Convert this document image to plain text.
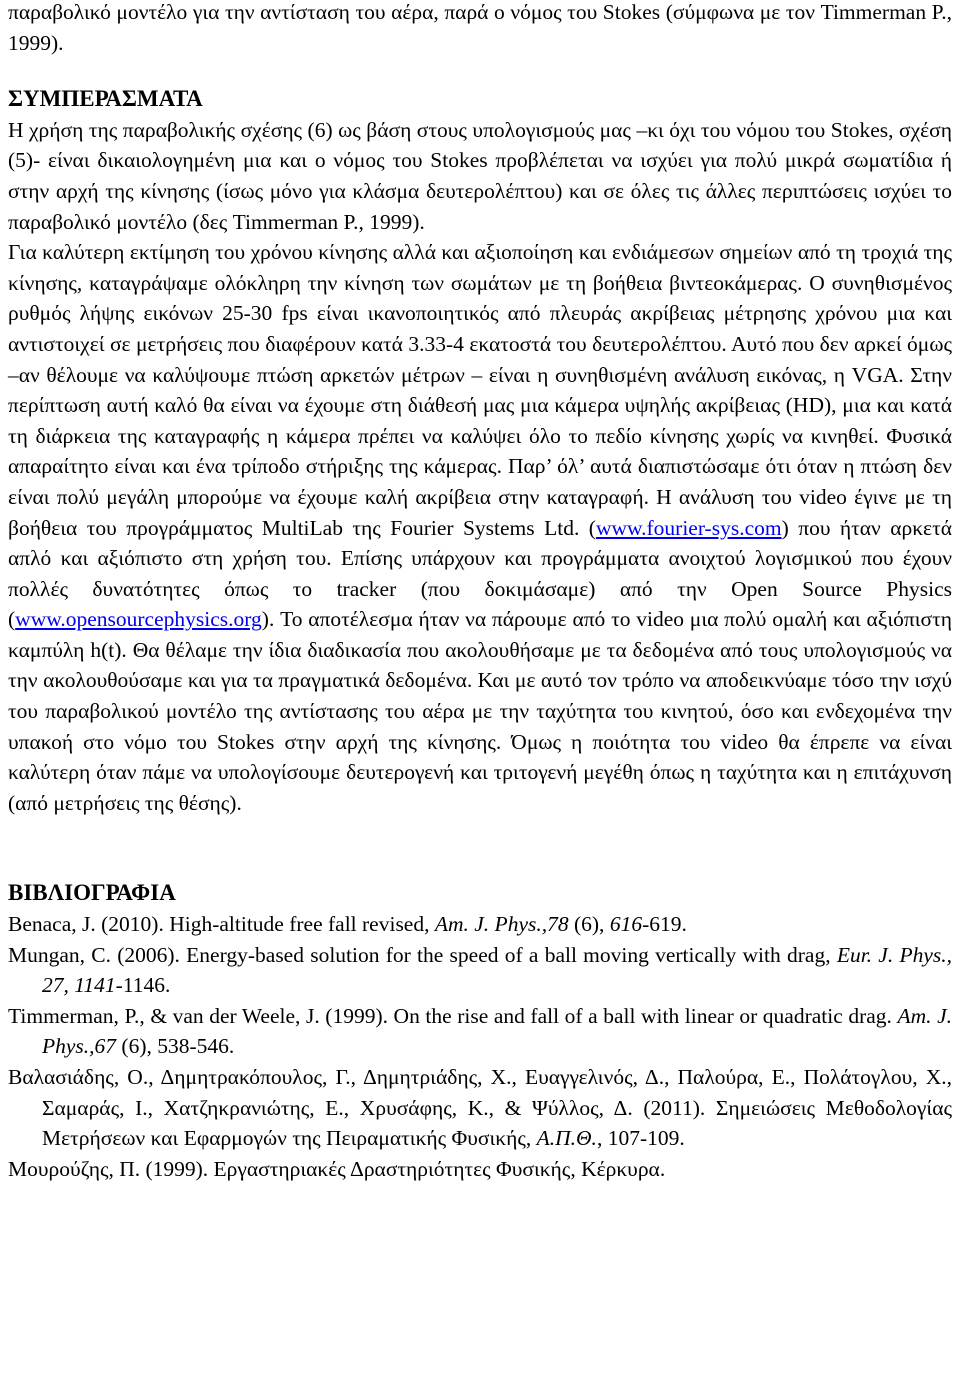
παραβολικό μοντέλο για την αντίσταση του αέρα, παρά ο νόμος του Stokes (σύμφωνα με τον Timmerman P., 1999).

ΣΥΜΠΕΡΑΣΜΑΤΑ

Η χρήση της παραβολικής σχέσης (6) ως βάση στους υπολογισμούς μας –κι όχι του νόμου του Stokes, σχέση (5)- είναι δικαιολογημένη μια και ο νόμος του Stokes προβλέπεται να ισχύει για πολύ μικρά σωματίδια ή στην αρχή της κίνησης (ίσως μόνο για κλάσμα δευτερολέπτου) και σε όλες τις άλλες περιπτώσεις ισχύει το παραβολικό μοντέλο (δες Timmerman P., 1999).

Για καλύτερη εκτίμηση του χρόνου κίνησης αλλά και αξιοποίηση και ενδιάμεσων σημείων από τη τροχιά της κίνησης, καταγράψαμε ολόκληρη την κίνηση των σωμάτων με τη βοήθεια βιντεοκάμερας. Ο συνηθισμένος ρυθμός λήψης εικόνων 25-30 fps είναι ικανοποιητικός από πλευράς ακρίβειας μέτρησης χρόνου μια και αντιστοιχεί σε μετρήσεις που διαφέρουν κατά 3.33-4 εκατοστά του δευτερολέπτου. Αυτό που δεν αρκεί όμως –αν θέλουμε να καλύψουμε πτώση αρκετών μέτρων – είναι η συνηθισμένη ανάλυση εικόνας, η VGA. Στην περίπτωση αυτή καλό θα είναι να έχουμε στη διάθεσή μας μια κάμερα υψηλής ακρίβειας (HD), μια και κατά τη διάρκεια της καταγραφής η κάμερα πρέπει να καλύψει όλο το πεδίο κίνησης χωρίς να κινηθεί. Φυσικά απαραίτητο είναι και ένα τρίποδο στήριξης της κάμερας. Παρ’ όλ’ αυτά διαπιστώσαμε ότι όταν η πτώση δεν είναι πολύ μεγάλη μπορούμε να έχουμε καλή ακρίβεια στην καταγραφή. Η ανάλυση του video έγινε με τη βοήθεια του προγράμματος MultiLab της Fourier Systems Ltd. (www.fourier-sys.com) που ήταν αρκετά απλό και αξιόπιστο στη χρήση του. Επίσης υπάρχουν και προγράμματα ανοιχτού λογισμικού που έχουν πολλές δυνατότητες όπως το tracker (που δοκιμάσαμε) από την Open Source Physics (www.opensourcephysics.org). Το αποτέλεσμα ήταν να πάρουμε από το video μια πολύ ομαλή και αξιόπιστη καμπύλη h(t). Θα θέλαμε την ίδια διαδικασία που ακολουθήσαμε με τα δεδομένα από τους υπολογισμούς να την ακολουθούσαμε και για τα πραγματικά δεδομένα. Και με αυτό τον τρόπο να αποδεικνύαμε τόσο την ισχύ του παραβολικού μοντέλο της αντίστασης του αέρα με την ταχύτητα του κινητού, όσο και ενδεχομένα την υπακοή στο νόμο του Stokes στην αρχή της κίνησης. Όμως η ποιότητα του video θα έπρεπε να είναι καλύτερη όταν πάμε να υπολογίσουμε δευτερογενή και τριτογενή μεγέθη όπως η ταχύτητα και η επιτάχυνση (από μετρήσεις της θέσης).

ΒΙΒΛΙΟΓΡΑΦΙΑ

Benaca, J. (2010). High-altitude free fall revised, Am. J. Phys.,78 (6), 616-619.

Mungan, C. (2006). Energy-based solution for the speed of a ball moving vertically with drag, Eur. J. Phys., 27, 1141-1146.

Timmerman, P., & van der Weele, J. (1999). On the rise and fall of a ball with linear or quadratic drag. Am. J. Phys.,67 (6), 538-546.

Βαλασιάδης, Ο., Δημητρακόπουλος, Γ., Δημητριάδης, Χ., Ευαγγελινός, Δ., Παλούρα, Ε., Πολάτογλου, Χ., Σαμαράς, Ι., Χατζηκρανιώτης, Ε., Χρυσάφης, Κ., & Ψύλλος, Δ. (2011). Σημειώσεις Μεθοδολογίας Μετρήσεων και Εφαρμογών της Πειραματικής Φυσικής, Α.Π.Θ., 107-109.

Μουρούζης, Π. (1999). Εργαστηριακές Δραστηριότητες Φυσικής, Κέρκυρα.
